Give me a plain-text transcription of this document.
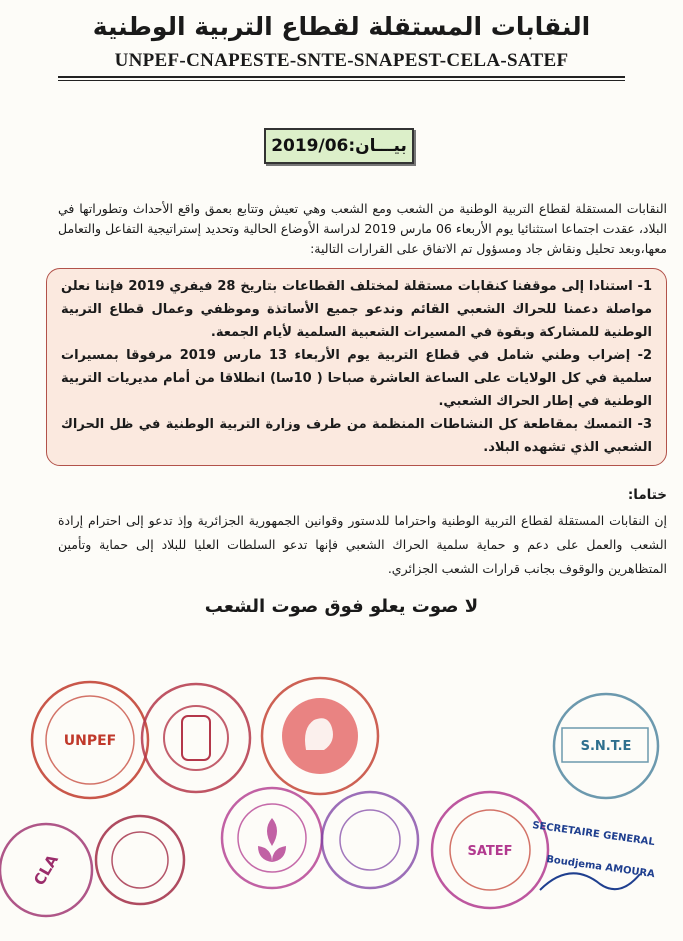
النقابات المستقلة لقطاع التربية الوطنية
UNPEF-CNAPESTE-SNTE-SNAPEST-CELA-SATEF
بيـــان:2019/06
النقابات المستقلة لقطاع التربية الوطنية من الشعب ومع الشعب وهي تعيش وتتابع بعمق واقع الأحداث وتطوراتها في البلاد، عقدت اجتماعا استثنائيا يوم الأربعاء 06 مارس 2019 لدراسة الأوضاع الحالية وتحديد إستراتيجية التفاعل والتعامل معها،وبعد تحليل ونقاش جاد ومسؤول تم الاتفاق على القرارات التالية:

1- استنادا إلى موقفنا كنقابات مستقلة لمختلف القطاعات بتاريخ 28 فيفري 2019 فإننا نعلن مواصلة دعمنا للحراك الشعبي القائم وندعو جميع الأساتذة وموظفي وعمال قطاع التربية الوطنية للمشاركة وبقوة في المسيرات الشعبية السلمية لأيام الجمعة.

2- إضراب وطني شامل في قطاع التربية يوم الأربعاء 13 مارس 2019 مرفوقا بمسيرات سلمية في كل الولايات على الساعة العاشرة صباحا ( 10سا) انطلاقا من أمام مديريات التربية الوطنية في إطار الحراك الشعبي.

3- التمسك بمقاطعة كل النشاطات المنظمة من طرف وزارة التربية الوطنية في ظل الحراك الشعبي الذي تشهده البلاد.

ختاما:
إن النقابات المستقلة لقطاع التربية الوطنية واحتراما للدستور وقوانين الجمهورية الجزائرية وإذ تدعو إلى احترام إرادة الشعب والعمل على دعم و حماية سلمية الحراك الشعبي فإنها تدعو السلطات العليا للبلاد إلى حماية وتأمين المتظاهرين والوقوف بجانب قرارات الشعب الجزائري.
لا صوت يعلو فوق صوت الشعب
UNPEF	S.N.T.E
CLA
SATEF
SECRETAIRE GENERAL
Boudjema AMOURA
